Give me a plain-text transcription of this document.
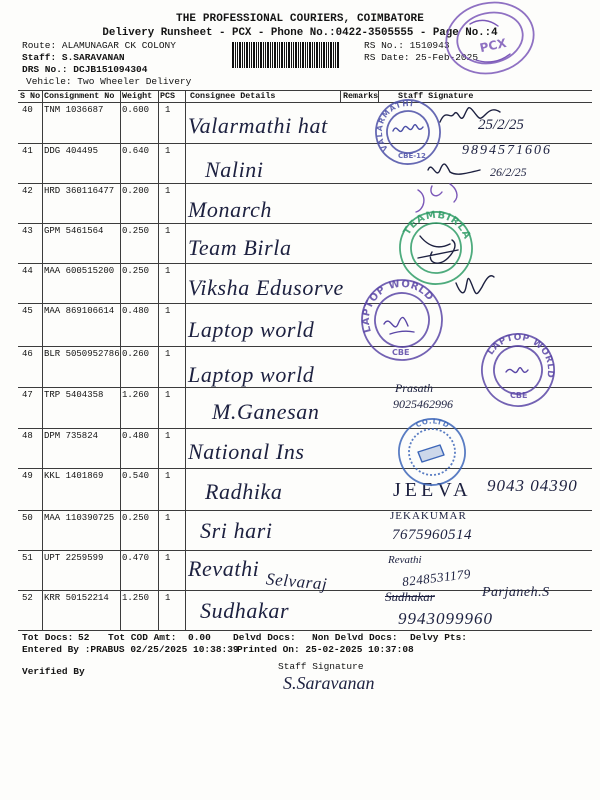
THE PROFESSIONAL COURIERS, COIMBATORE
Delivery Runsheet - PCX - Phone No.:0422-3505555 - Page No.:4
Route: ALAMUNAGAR CK COLONY
Staff: S.SARAVANAN
DRS No.: DCJB151094304
Vehicle: Two Wheeler Delivery
RS No.: 1510943
RS Date: 25-Feb-2025
S No Consignment No Weight PCS Consignee Details	Remarks Staff Signature
40 TNM 1036687 0.600 1
Valarmathi hat	25/2/25
41 DDG 404495	0.640 1
Nalini
9894571606
26/2/25
42 HRD 360116477 0.200 1
Monarch
43 GPM 5461564 0.250 1
Team Birla
44 MAA 600515200 0.250 1
Viksha Edusorve
45 MAA 869106614 0.480 1
Laptop world
46 BLR 5050952786 0.260 1
Laptop world
47 TRP 5404358 1.260 1
M.Ganesan
Prasath
9025462996
48 DPM 735824	0.480 1
National Ins
49 KKL 1401869 0.540 1
Radhika	JEEVA 9043 04390
50 MAA 110390725 0.250 1 Sri hari
JEKAKUMAR
7675960514
51 UPT 2259599 0.470 1 Revathi
Selvaraj
Revathi
8248531179
52 KRR 50152214 1.250 1 Sudhakar
Sudhakar	Parjaneh.S
9943099960
Tot Docs: 52 Tot COD Amt: 0.00 Delvd Docs: Non Delvd Docs: Delvy Pts:
Entered By :PRABUS 02/25/2025 10:38:39
Printed On: 25-02-2025 10:37:08
Verified By	Staff Signature
S.Saravanan
PCX
VALARMATHI
CBE-12
TEAMBIRLA
LAPTOP WORLD
CBE	LAPTOP WORLD
CBE
CO.LTD
